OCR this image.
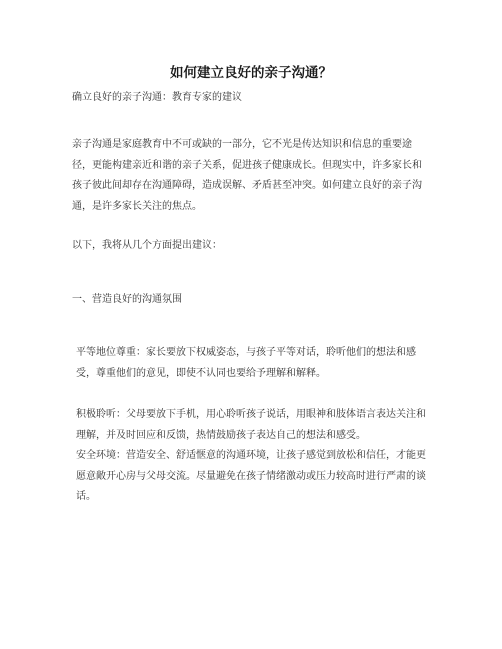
如何建立良好的亲子沟通？

确立良好的亲子沟通：教育专家的建议

亲子沟通是家庭教育中不可或缺的一部分，它不光是传达知识和信息的重要途径，更能构建亲近和谐的亲子关系，促进孩子健康成长。但现实中，许多家长和孩子彼此间却存在沟通障碍，造成误解、矛盾甚至冲突。如何建立良好的亲子沟通，是许多家长关注的焦点。

以下，我将从几个方面提出建议：

一、营造良好的沟通氛围

平等地位尊重：家长要放下权威姿态，与孩子平等对话，聆听他们的想法和感受，尊重他们的意见，即使不认同也要给予理解和解释。

积极聆听：父母要放下手机，用心聆听孩子说话，用眼神和肢体语言表达关注和理解，并及时回应和反馈，热情鼓励孩子表达自己的想法和感受。

安全环境：营造安全、舒适惬意的沟通环境，让孩子感觉到放松和信任，才能更愿意敞开心房与父母交流。尽量避免在孩子情绪激动或压力较高时进行严肃的谈话。
